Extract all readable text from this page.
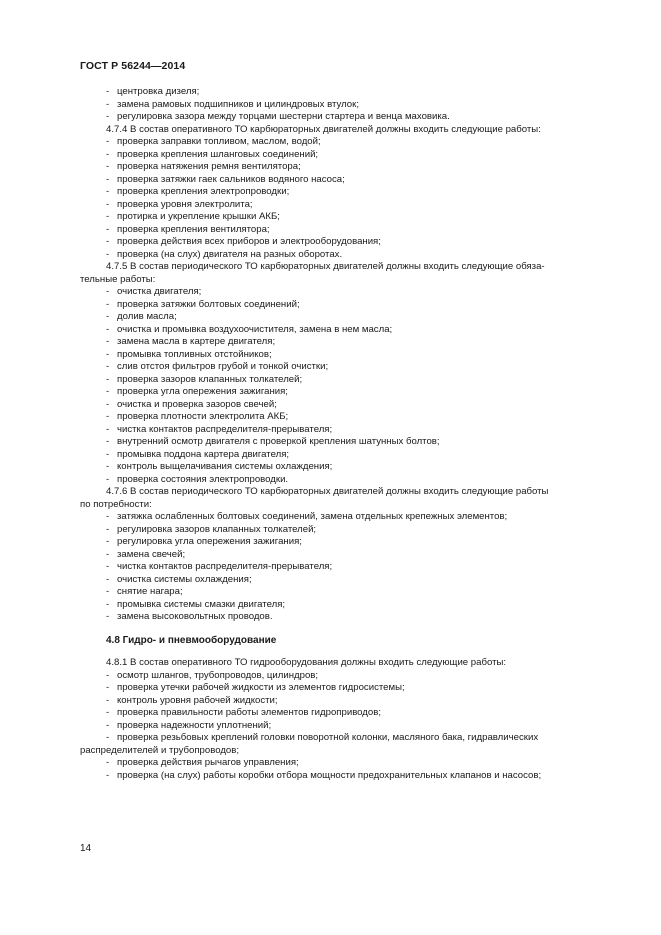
ГОСТ Р 56244—2014
- центровка дизеля;
- замена рамовых подшипников и цилиндровых втулок;
- регулировка зазора между торцами шестерни стартера и венца маховика.
4.7.4 В состав оперативного ТО карбюраторных двигателей должны входить следующие работы:
- проверка заправки топливом, маслом, водой;
- проверка крепления шланговых соединений;
- проверка натяжения ремня вентилятора;
- проверка затяжки гаек сальников водяного насоса;
- проверка крепления электропроводки;
- проверка уровня электролита;
- протирка и укрепление крышки АКБ;
- проверка крепления вентилятора;
- проверка действия всех приборов и электрооборудования;
- проверка (на слух) двигателя на разных оборотах.
4.7.5 В состав периодического ТО карбюраторных двигателей должны входить следующие обяза-
тельные работы:
- очистка двигателя;
- проверка затяжки болтовых соединений;
- долив масла;
- очистка и промывка воздухоочистителя, замена в нем масла;
- замена масла в картере двигателя;
- промывка топливных отстойников;
- слив отстоя фильтров грубой и тонкой очистки;
- проверка зазоров клапанных толкателей;
- проверка угла опережения зажигания;
- очистка и проверка зазоров свечей;
- проверка плотности электролита АКБ;
- чистка контактов распределителя-прерывателя;
- внутренний осмотр двигателя с проверкой крепления шатунных болтов;
- промывка поддона картера двигателя;
- контроль выщелачивания системы охлаждения;
- проверка состояния электропроводки.
4.7.6 В состав периодического ТО карбюраторных двигателей должны входить следующие работы
по потребности:
- затяжка ослабленных болтовых соединений, замена отдельных крепежных элементов;
- регулировка зазоров клапанных толкателей;
- регулировка угла опережения зажигания;
- замена свечей;
- чистка контактов распределителя-прерывателя;
- очистка системы охлаждения;
- снятие нагара;
- промывка системы смазки двигателя;
- замена высоковольтных проводов.
4.8 Гидро- и пневмооборудование
4.8.1 В состав оперативного ТО гидрооборудования должны входить следующие работы:
- осмотр шлангов, трубопроводов, цилиндров;
- проверка утечки рабочей жидкости из элементов гидросистемы;
- контроль уровня рабочей жидкости;
- проверка правильности работы элементов гидроприводов;
- проверка надежности уплотнений;
- проверка резьбовых креплений головки поворотной колонки, масляного бака, гидравлических
распределителей и трубопроводов;
- проверка действия рычагов управления;
- проверка (на слух) работы коробки отбора мощности предохранительных клапанов и насосов;
14
